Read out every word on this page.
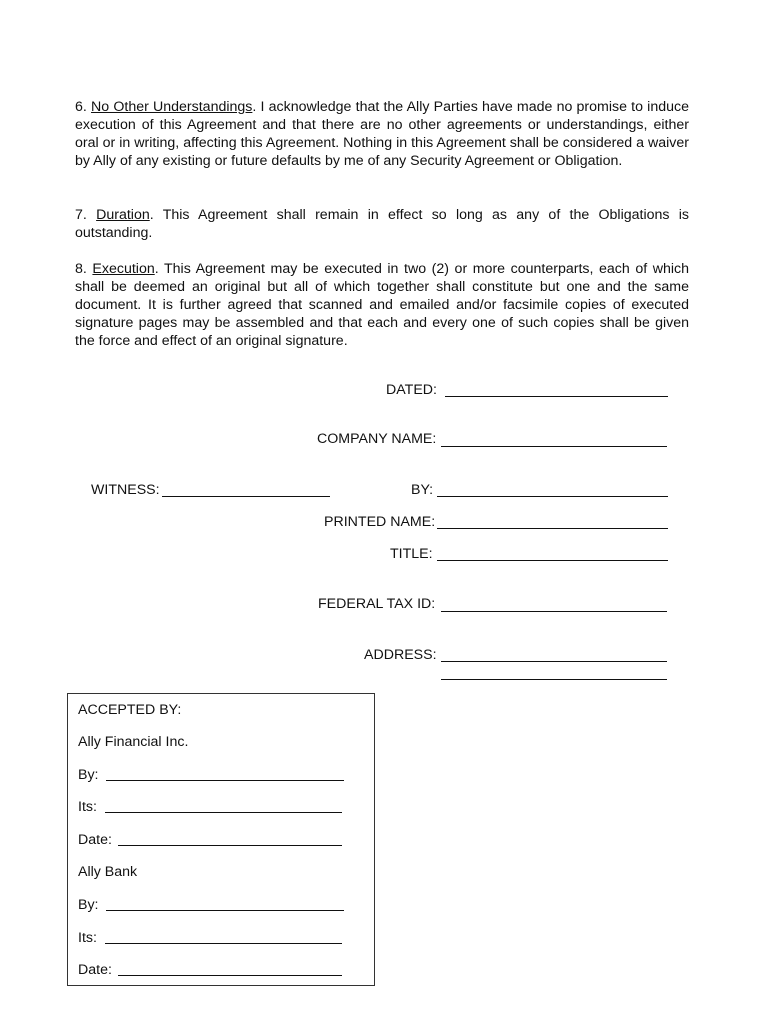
6. No Other Understandings. I acknowledge that the Ally Parties have made no promise to induce execution of this Agreement and that there are no other agreements or understandings, either oral or in writing, affecting this Agreement. Nothing in this Agreement shall be considered a waiver by Ally of any existing or future defaults by me of any Security Agreement or Obligation.

7. Duration. This Agreement shall remain in effect so long as any of the Obligations is outstanding.

8. Execution. This Agreement may be executed in two (2) or more counterparts, each of which shall be deemed an original but all of which together shall constitute but one and the same document. It is further agreed that scanned and emailed and/or facsimile copies of executed signature pages may be assembled and that each and every one of such copies shall be given the force and effect of an original signature.

DATED:
COMPANY NAME:
WITNESS:	BY:
PRINTED NAME:
TITLE:
FEDERAL TAX ID:
ADDRESS:
ACCEPTED BY:
Ally Financial Inc.
By:
Its:
Date:
Ally Bank
By:
Its:
Date:
